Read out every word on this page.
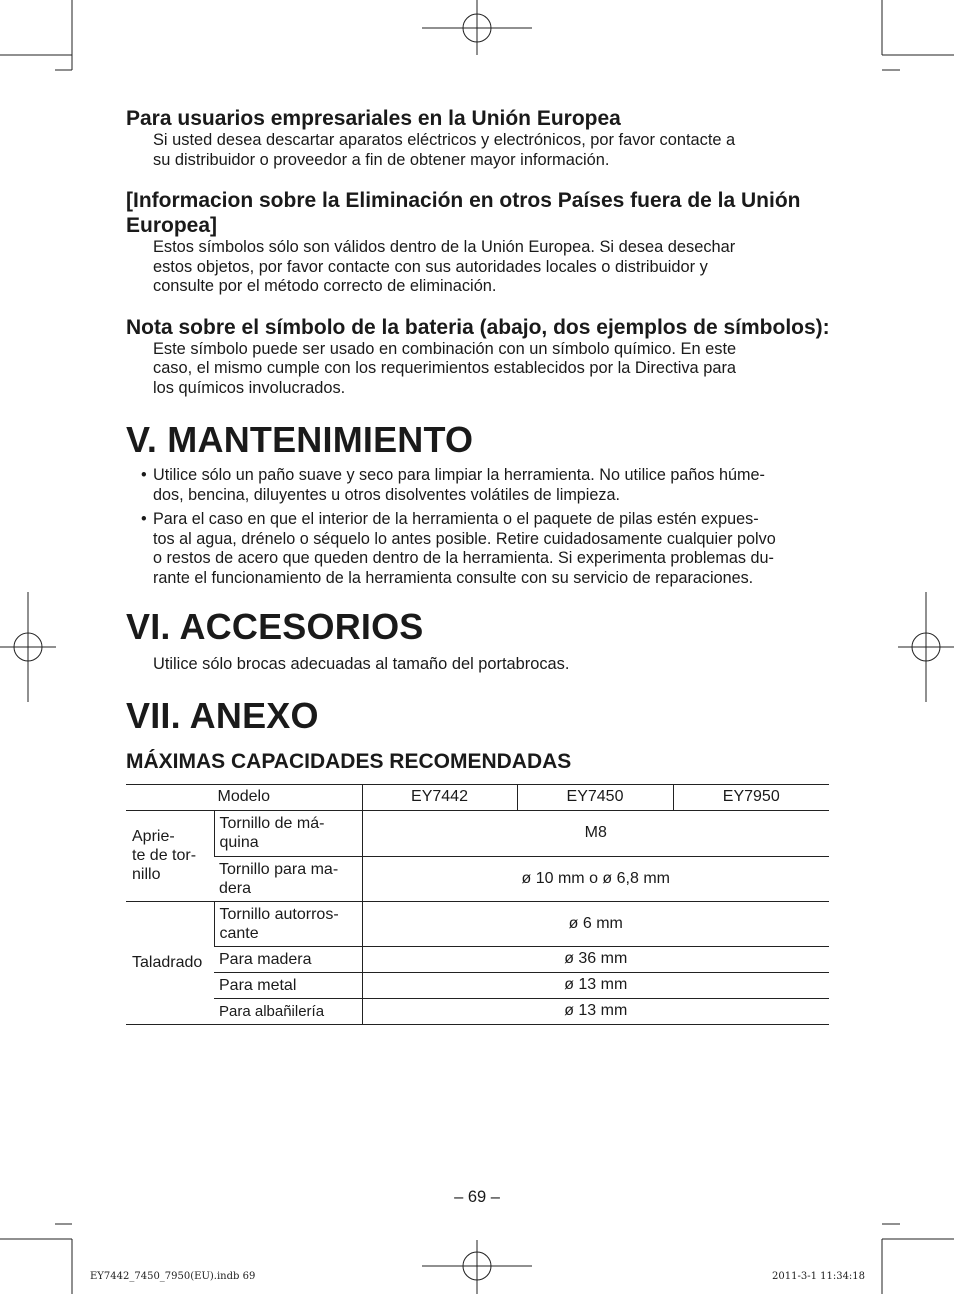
Para usuarios empresariales en la Unión Europea

Si usted desea descartar aparatos eléctricos y electrónicos, por favor contacte a
su distribuidor o proveedor a fin de obtener mayor información.

[Informacion sobre la Eliminación en otros Países fuera de la Unión Europea]

Estos símbolos sólo son válidos dentro de la Unión Europea. Si desea desechar
estos objetos, por favor contacte con sus autoridades locales o distribuidor y
consulte por el método correcto de eliminación.

Nota sobre el símbolo de la bateria (abajo, dos ejemplos de símbolos):

Este símbolo puede ser usado en combinación con un símbolo químico. En este
caso, el mismo cumple con los requerimientos establecidos por la Directiva para
los químicos involucrados.

V. MANTENIMIENTO
• Utilice sólo un paño suave y seco para limpiar la herramienta. No utilice paños húme-
dos, bencina, diluyentes u otros disolventes volátiles de limpieza.
• Para el caso en que el interior de la herramienta o el paquete de pilas estén expues-
tos al agua, drénelo o séquelo lo antes posible. Retire cuidadosamente cualquier polvo
o restos de acero que queden dentro de la herramienta. Si experimenta problemas du-
rante el funcionamiento de la herramienta consulte con su servicio de reparaciones.
VI. ACCESORIOS

Utilice sólo brocas adecuadas al tamaño del portabrocas.

VII. ANEXO
MÁXIMAS CAPACIDADES RECOMENDADAS
Modelo		EY7442	EY7450	EY7950
Aprie-
te de tor-
nillo	Tornillo de má-
quina	M8		
	Tornillo para ma-
dera	ø 10 mm o ø 6,8 mm		
Taladrado	Tornillo autorros-
cante	ø 6 mm		
	Para madera	ø 36 mm		
	Para metal	ø 13 mm		
	Para albañilería	ø 13 mm		
– 69 –
EY7442_7450_7950(EU).indb 69	2011-3-1 11:34:18
